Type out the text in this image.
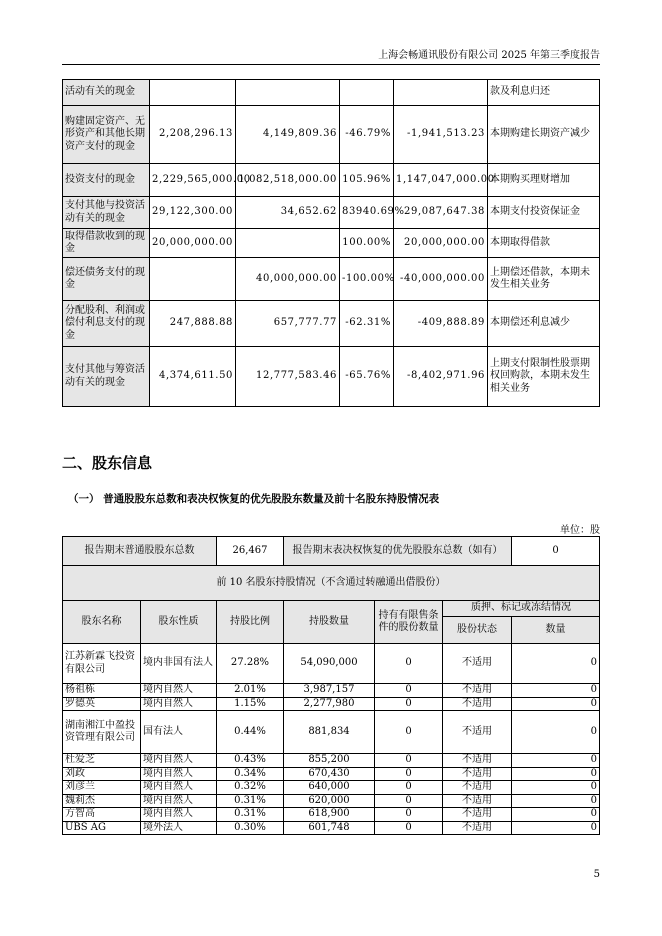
上海会畅通讯股份有限公司 2025 年第三季度报告
活动有关的现金					款及利息归还
购建固定资产、无形资产和其他长期资产支付的现金	2,208,296.13	4,149,809.36	-46.79%	-1,941,513.23	本期购建长期资产减少
投资支付的现金	2,229,565,000.00	1,082,518,000.00	105.96%	1,147,047,000.00	本期购买理财增加
支付其他与投资活动有关的现金	29,122,300.00	34,652.62	83940.69%	29,087,647.38	本期支付投资保证金
取得借款收到的现金	20,000,000.00		100.00%	20,000,000.00	本期取得借款
偿还债务支付的现金		40,000,000.00	-100.00%	-40,000,000.00	上期偿还借款，本期未发生相关业务
分配股利、利润或偿付利息支付的现金	247,888.88	657,777.77	-62.31%	-409,888.89	本期偿还利息减少
支付其他与筹资活动有关的现金	4,374,611.50	12,777,583.46	-65.76%	-8,402,971.96	上期支付限制性股票期权回购款，本期未发生相关业务
二、股东信息
（一） 普通股股东总数和表决权恢复的优先股股东数量及前十名股东持股情况表
单位：股
报告期末普通股股东总数		26,467	报告期末表决权恢复的优先股股东总数（如有）			0
前 10 名股东持股情况（不含通过转融通出借股份）						
股东名称	股东性质	持股比例	持股数量	持有有限售条件的股份数量	质押、标记或冻结情况	
					股份状态	数量
江苏新霖飞投资有限公司	境内非国有法人	27.28%	54,090,000	0	不适用	0
杨祖栋	境内自然人	2.01%	3,987,157	0	不适用	0
罗德英	境内自然人	1.15%	2,277,980	0	不适用	0
湖南湘江中盈投资管理有限公司	国有法人	0.44%	881,834	0	不适用	0
杜爱芝	境内自然人	0.43%	855,200	0	不适用	0
刘政	境内自然人	0.34%	670,430	0	不适用	0
刘彦兰	境内自然人	0.32%	640,000	0	不适用	0
魏莉杰	境内自然人	0.31%	620,000	0	不适用	0
方智高	境内自然人	0.31%	618,900	0	不适用	0
UBS AG	境外法人	0.30%	601,748	0	不适用	0
5
